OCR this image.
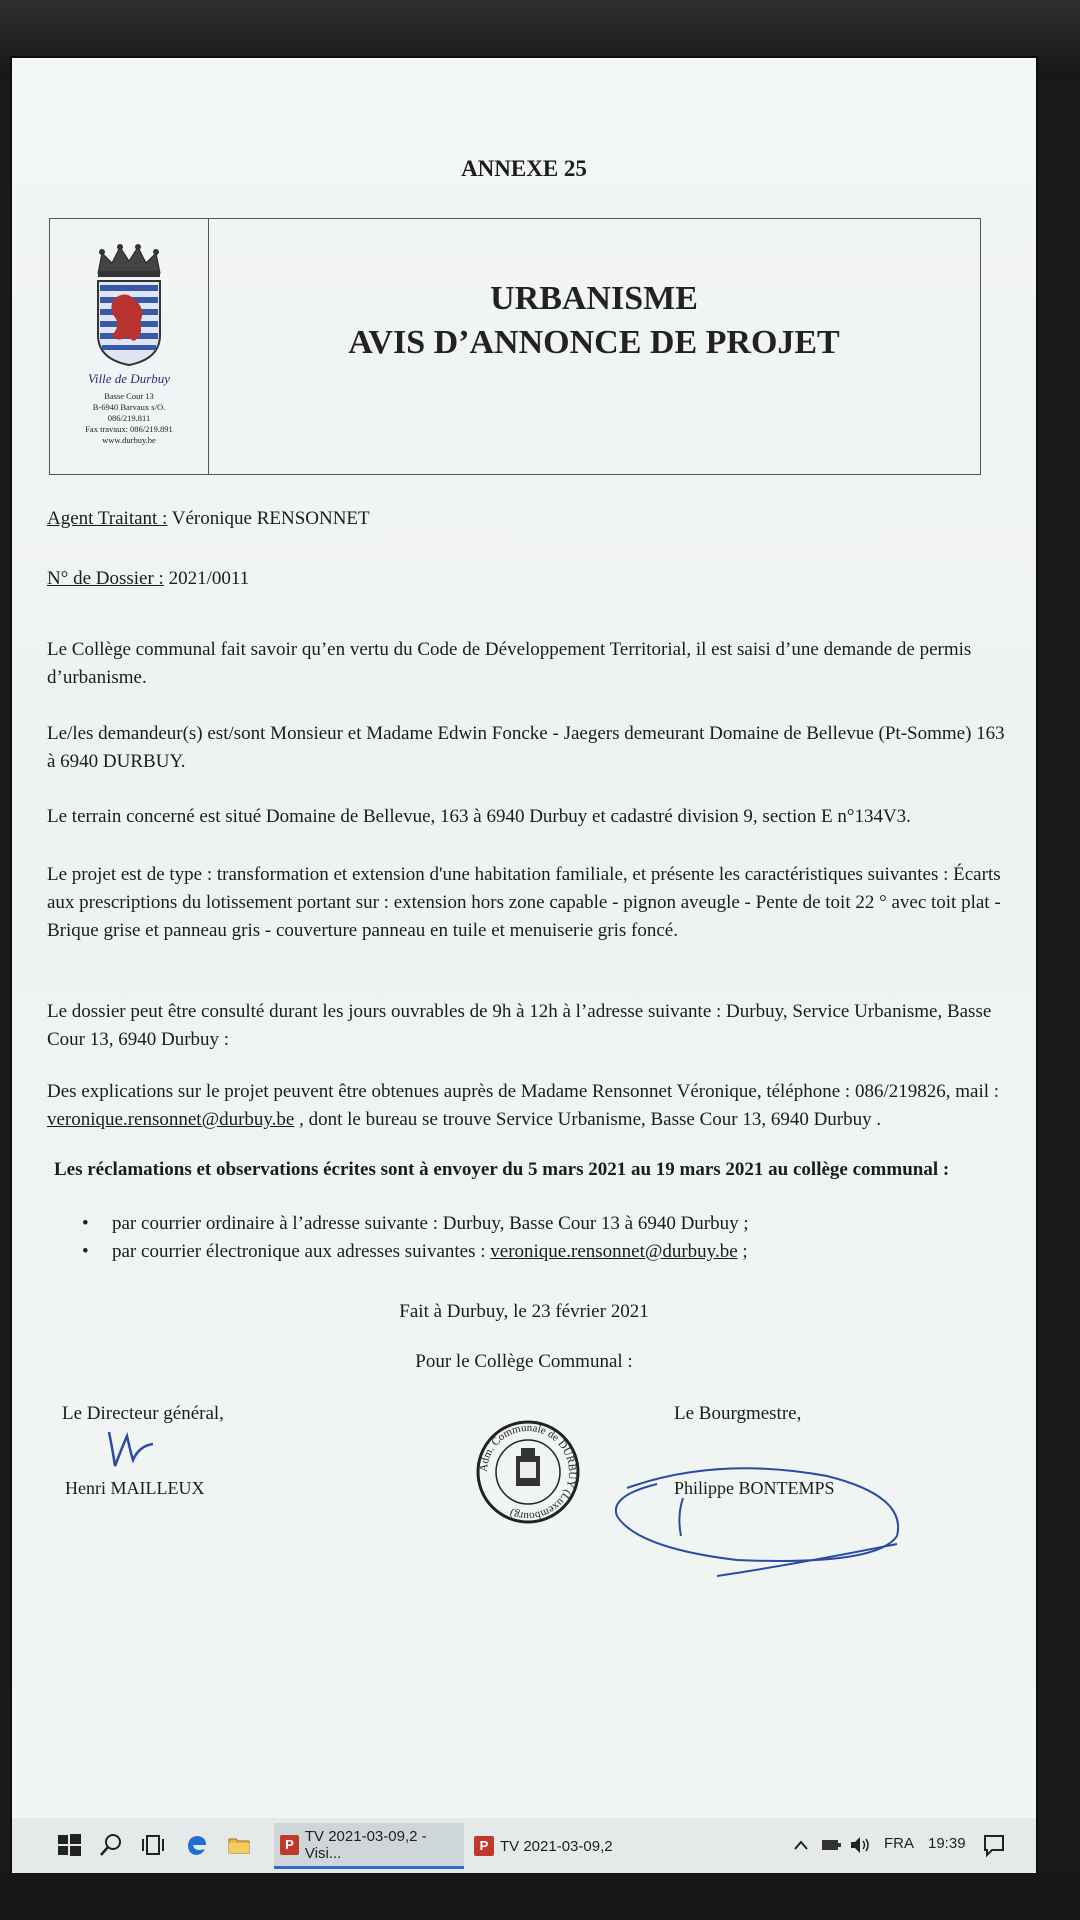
ANNEXE 25
Ville de Durbuy
Basse Cour 13
B-6940 Barvaux s/O.
086/219.811
Fax travaux: 086/219.891
www.durbuy.be
URBANISME
AVIS D’ANNONCE DE PROJET
Agent Traitant : Véronique RENSONNET
N° de Dossier : 2021/0011
Le Collège communal fait savoir qu’en vertu du Code de Développement Territorial, il est saisi d’une demande de permis d’urbanisme.
Le/les demandeur(s) est/sont Monsieur et Madame Edwin Foncke - Jaegers demeurant Domaine de Bellevue (Pt-Somme) 163 à 6940 DURBUY.
Le terrain concerné est situé Domaine de Bellevue, 163 à 6940 Durbuy et cadastré division 9, section E n°134V3.
Le projet est de type : transformation et extension d'une habitation familiale, et présente les caractéristiques suivantes : Écarts aux prescriptions du lotissement portant sur : extension hors zone capable - pignon aveugle - Pente de toit 22 ° avec toit plat - Brique grise et panneau gris - couverture panneau en tuile et menuiserie gris foncé.
Le dossier peut être consulté durant les jours ouvrables de 9h à 12h à l’adresse suivante : Durbuy, Service Urbanisme, Basse Cour 13, 6940 Durbuy :
Des explications sur le projet peuvent être obtenues auprès de Madame Rensonnet Véronique, téléphone : 086/219826, mail : veronique.rensonnet@durbuy.be , dont le bureau se trouve Service Urbanisme, Basse Cour 13, 6940 Durbuy .
Les réclamations et observations écrites sont à envoyer du 5 mars 2021 au 19 mars 2021 au collège communal :
• par courrier ordinaire à l’adresse suivante : Durbuy, Basse Cour 13 à 6940 Durbuy ;
• par courrier électronique aux adresses suivantes : veronique.rensonnet@durbuy.be ;
Fait à Durbuy, le 23 février 2021
Pour le Collège Communal :
Le Directeur général,
Henri MAILLEUX
Adm. Communale de DURBUY (Luxembourg)
Le Bourgmestre,
Philippe BONTEMPS
P TV 2021-03-09,2 - Visi...	P TV 2021-03-09,2	FRA 19:39
